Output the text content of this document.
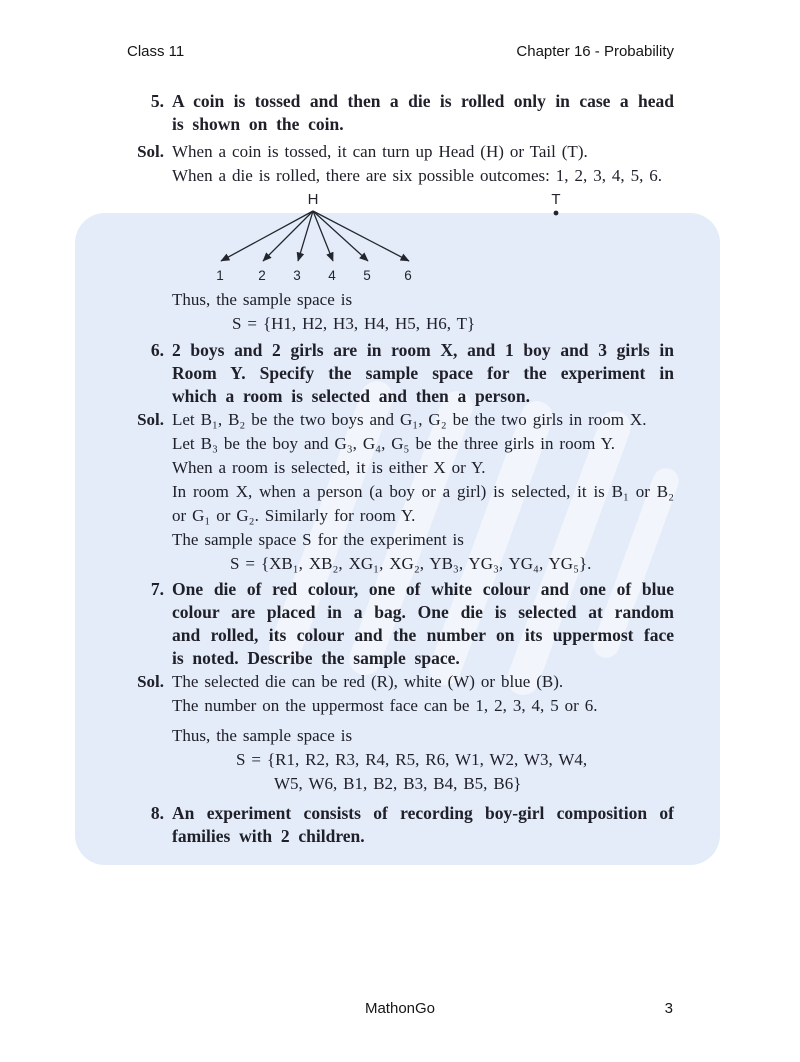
Class 11	Chapter 16 - Probability
5. A coin is tossed and then a die is rolled only in case a head is shown on the coin.
Sol. When a coin is tossed, it can turn up Head (H) or Tail (T).

When a die is rolled, there are six possible outcomes: 1, 2, 3, 4, 5, 6.

H	T
1	2 3 4 5 6

Thus, the sample space is

S = {H1, H2, H3, H4, H5, H6, T}

6. 2 boys and 2 girls are in room X, and 1 boy and 3 girls in Room Y. Specify the sample space for the experiment in which a room is selected and then a person.
Sol. Let B₁, B₂ be the two boys and G₁, G₂ be the two girls in room X.

Let B₃ be the boy and G₃, G₄, G₅ be the three girls in room Y.

When a room is selected, it is either X or Y.

In room X, when a person (a boy or a girl) is selected, it is B₁ or B₂ or G₁ or G₂. Similarly for room Y.

The sample space S for the experiment is

S = {XB₁, XB₂, XG₁, XG₂, YB₃, YG₃, YG₄, YG₅}.

7. One die of red colour, one of white colour and one of blue colour are placed in a bag. One die is selected at random and rolled, its colour and the number on its uppermost face is noted. Describe the sample space.
Sol. The selected die can be red (R), white (W) or blue (B).

The number on the uppermost face can be 1, 2, 3, 4, 5 or 6.

Thus, the sample space is

S = {R1, R2, R3, R4, R5, R6, W1, W2, W3, W4,

W5, W6, B1, B2, B3, B4, B5, B6}

8. An experiment consists of recording boy-girl composition of families with 2 children.
MathonGo	3
